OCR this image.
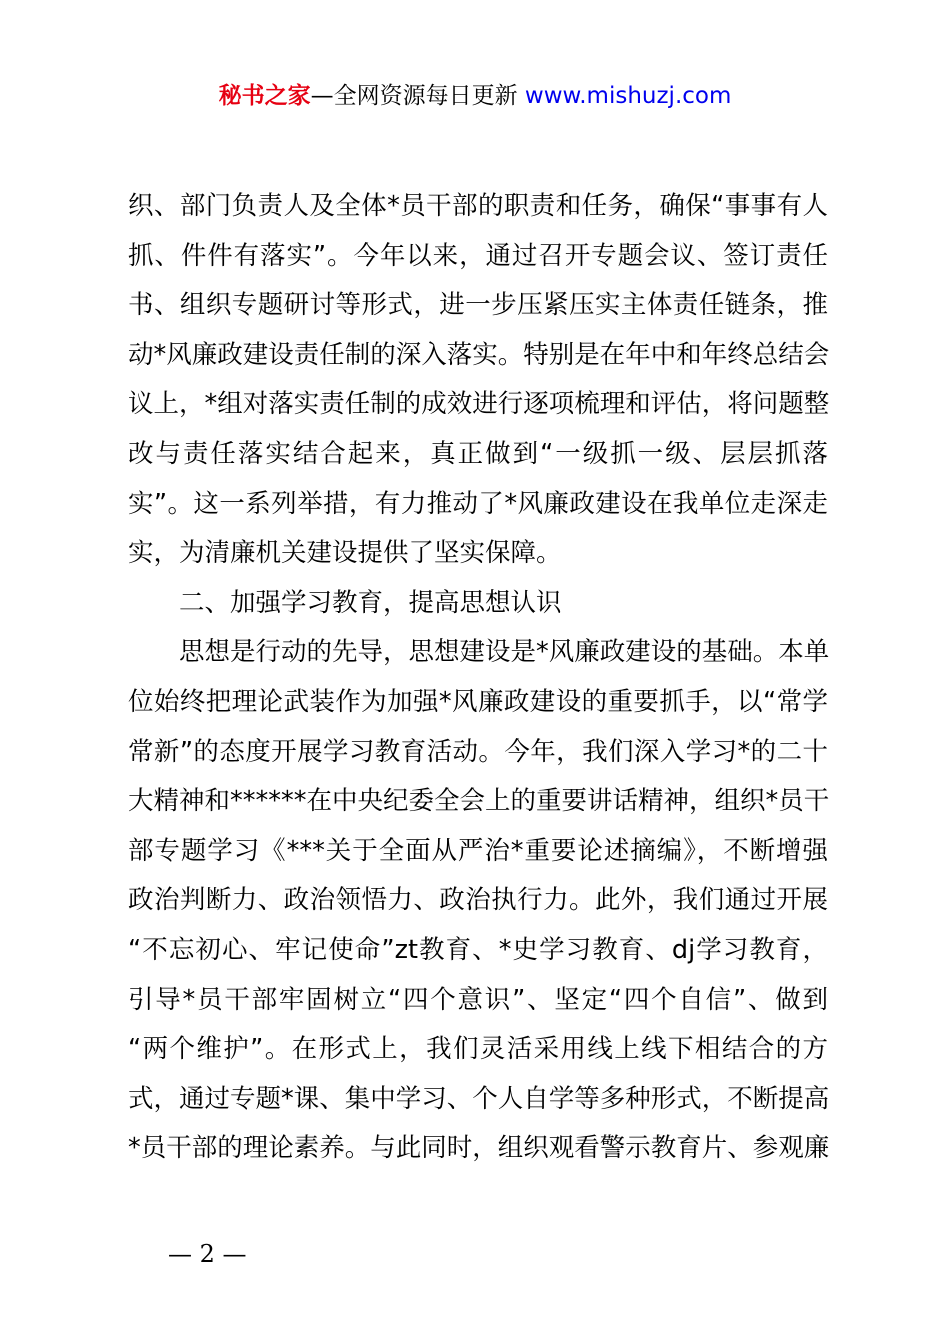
秘书之家—全网资源每日更新 www.mishuzj.com
织、部门负责人及全体*员干部的职责和任务，确保“事事有人
抓、件件有落实”。今年以来，通过召开专题会议、签订责任
书、组织专题研讨等形式，进一步压紧压实主体责任链条，推
动*风廉政建设责任制的深入落实。特别是在年中和年终总结会
议上，*组对落实责任制的成效进行逐项梳理和评估，将问题整
改与责任落实结合起来，真正做到“一级抓一级、层层抓落
实”。这一系列举措，有力推动了*风廉政建设在我单位走深走
实，为清廉机关建设提供了坚实保障。
二、加强学习教育，提高思想认识
思想是行动的先导，思想建设是*风廉政建设的基础。本单
位始终把理论武装作为加强*风廉政建设的重要抓手，以“常学
常新”的态度开展学习教育活动。今年，我们深入学习*的二十
大精神和******在中央纪委全会上的重要讲话精神，组织*员干
部专题学习《***关于全面从严治*重要论述摘编》，不断增强
政治判断力、政治领悟力、政治执行力。此外，我们通过开展
“不忘初心、牢记使命”zt教育、*史学习教育、dj学习教育，
引导*员干部牢固树立“四个意识”、坚定“四个自信”、做到
“两个维护”。在形式上，我们灵活采用线上线下相结合的方
式，通过专题*课、集中学习、个人自学等多种形式，不断提高
*员干部的理论素养。与此同时，组织观看警示教育片、参观廉
— 2 —
